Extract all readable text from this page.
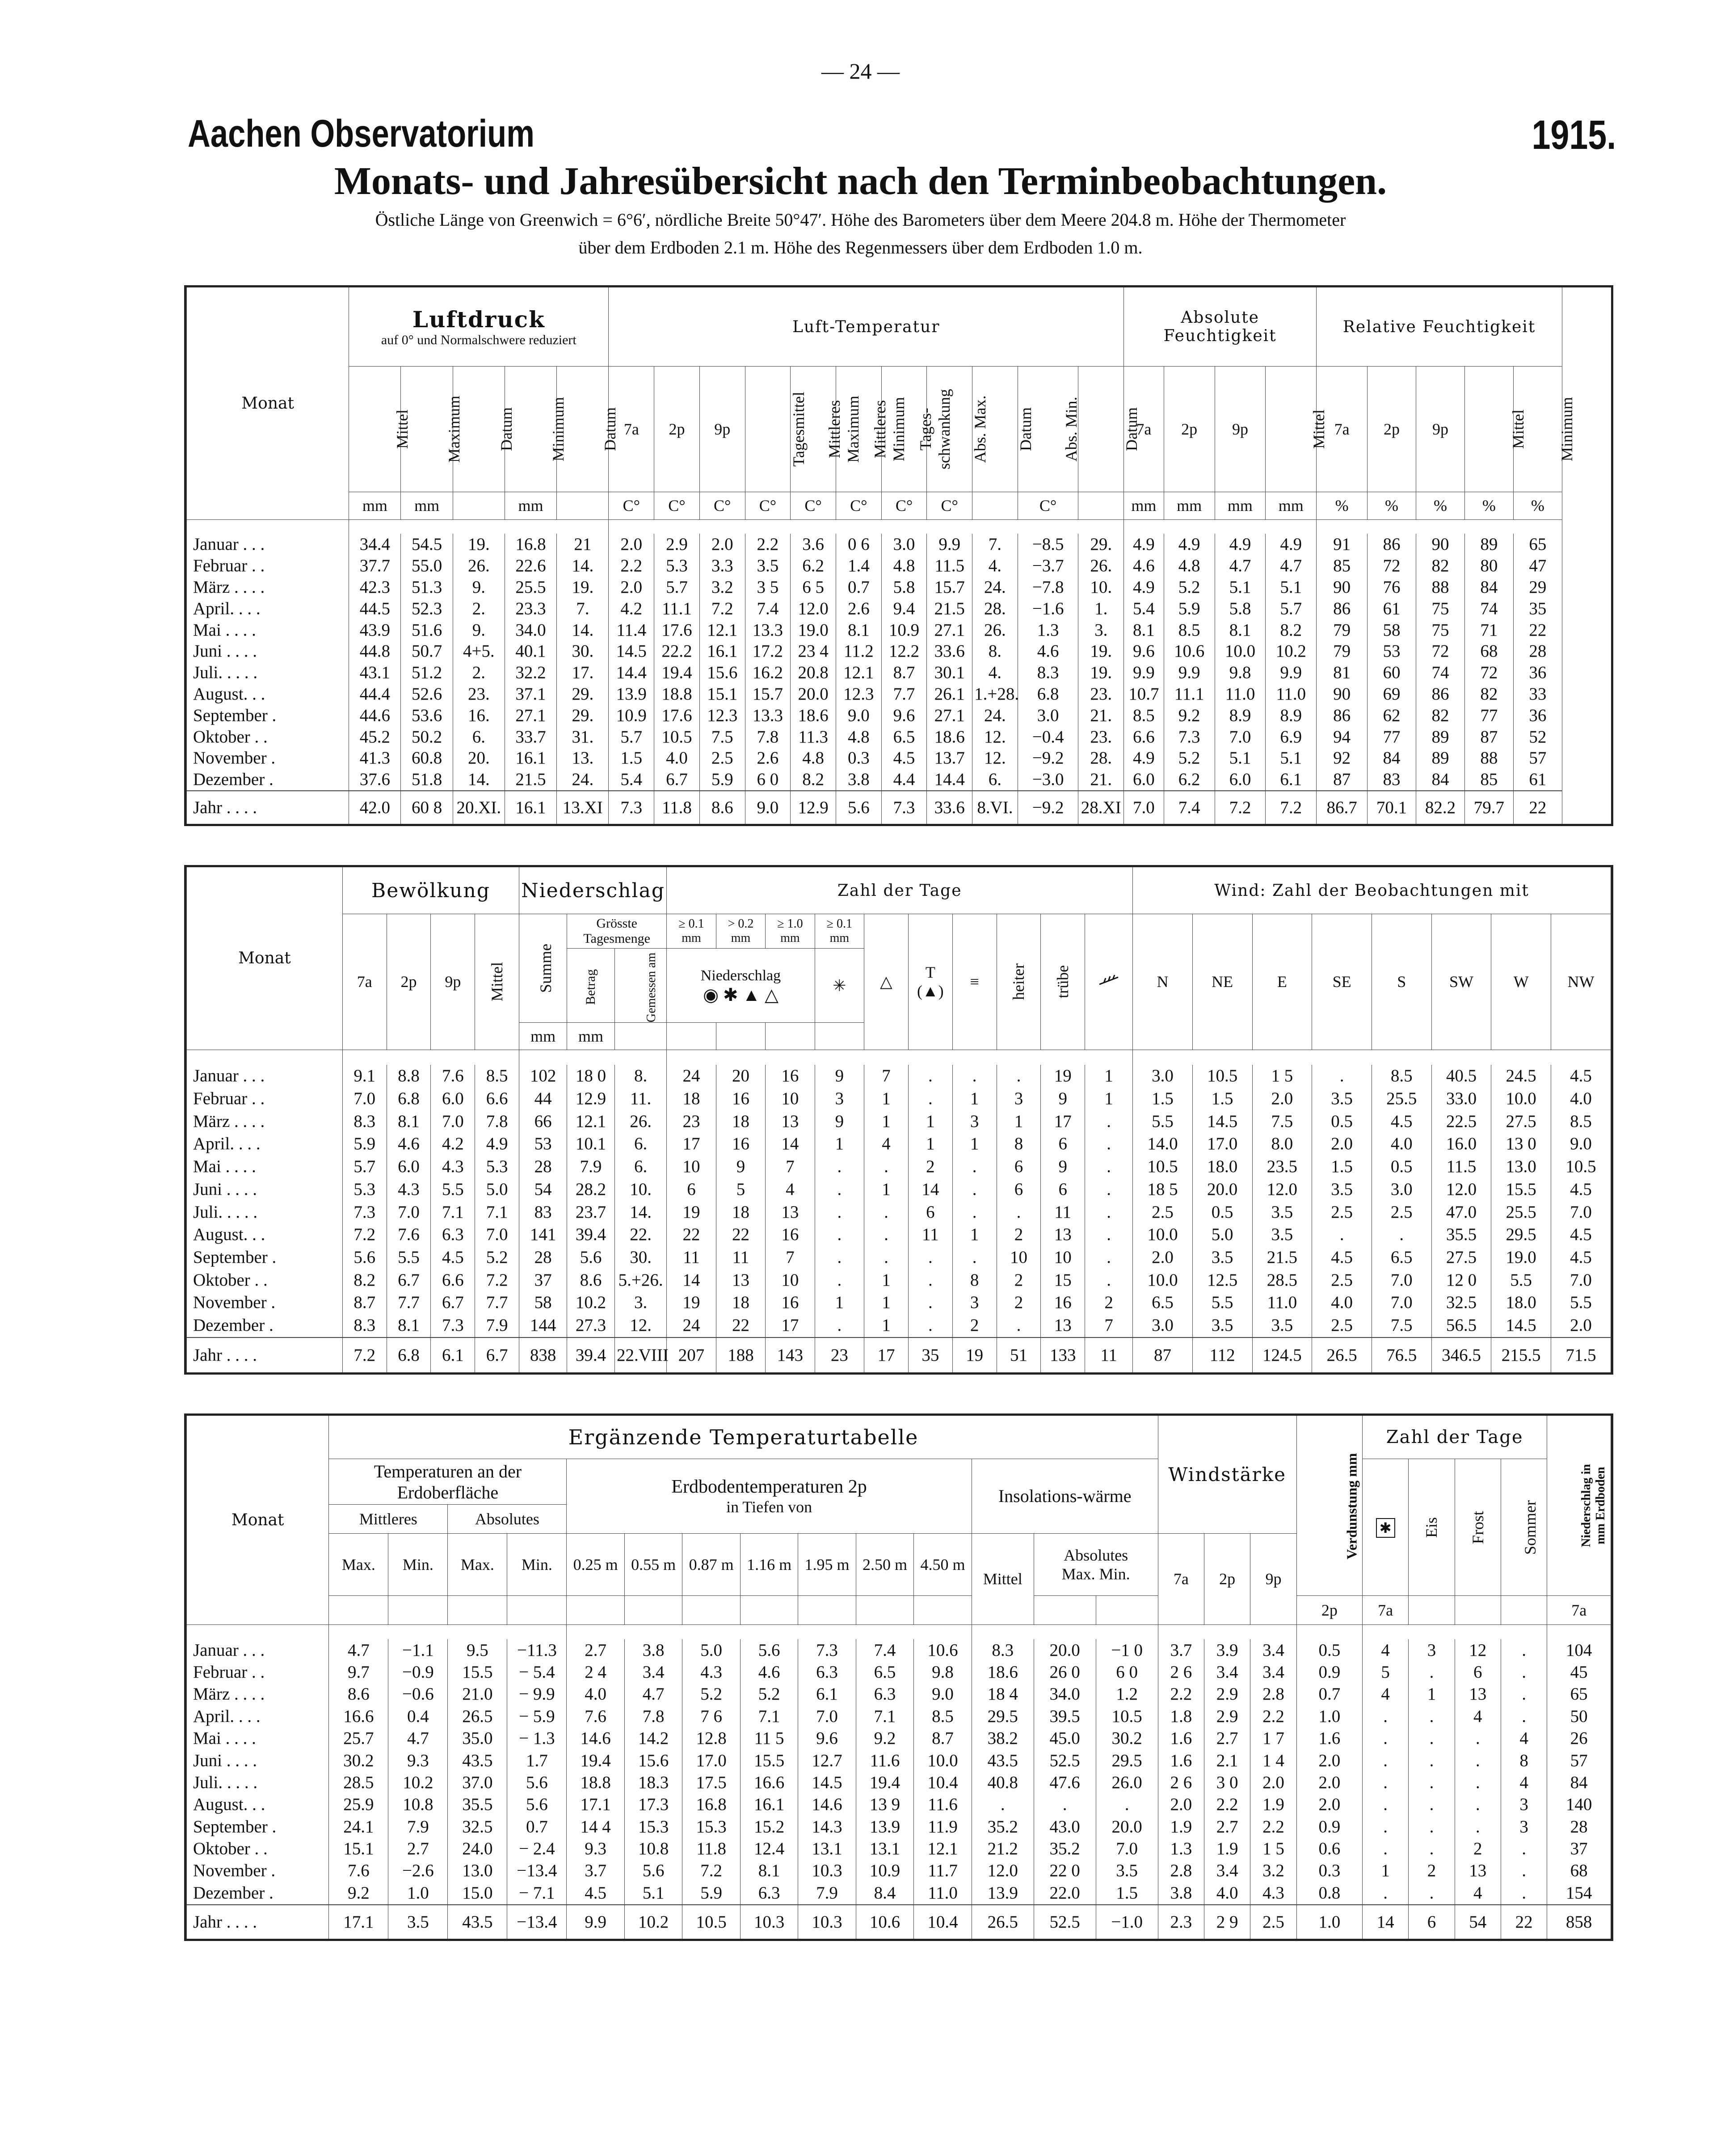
— 24 —
Aachen Observatorium	1915.
Monats- und Jahresübersicht nach den Terminbeobachtungen.
Östliche Länge von Greenwich = 6°6′, nördliche Breite 50°47′. Höhe des Barometers über dem Meere 204.8 m. Höhe der Thermometer
über dem Erdboden 2.1 m. Höhe des Regenmessers über dem Erdboden 1.0 m.
Monat	Luftdruck
auf 0° und Normalschwere reduziert					Luft-Temperatur											Absolute Feuchtigkeit				Relative Feuchtigkeit				
	Mittel	Maximum	Datum	Minimum	Datum	7a	2p	9p	Tagesmittel	Mittleres Maximum	Mittleres Minimum	Tages-schwankung	Abs. Max.	Datum	Abs. Min.	Datum	7a	2p	9p	Mittel	7a	2p	9p	Mittel	Minimum
	mm	mm		mm		C°	C°	C°	C°	C°	C°	C°	C°		C°		mm	mm	mm	mm	%	%	%	%	%

Januar . . .	34.4	54.5	19.	16.8	21	2.0	2.9	2.0	2.2	3.6	0 6	3.0	9.9	7.	−8.5	29.	4.9	4.9	4.9	4.9	91	86	90	89	65
Februar . .	37.7	55.0	26.	22.6	14.	2.2	5.3	3.3	3.5	6.2	1.4	4.8	11.5	4.	−3.7	26.	4.6	4.8	4.7	4.7	85	72	82	80	47
März . . . .	42.3	51.3	9.	25.5	19.	2.0	5.7	3.2	3 5	6 5	0.7	5.8	15.7	24.	−7.8	10.	4.9	5.2	5.1	5.1	90	76	88	84	29
April. . . .	44.5	52.3	2.	23.3	7.	4.2	11.1	7.2	7.4	12.0	2.6	9.4	21.5	28.	−1.6	1.	5.4	5.9	5.8	5.7	86	61	75	74	35
Mai . . . .	43.9	51.6	9.	34.0	14.	11.4	17.6	12.1	13.3	19.0	8.1	10.9	27.1	26.	1.3	3.	8.1	8.5	8.1	8.2	79	58	75	71	22
Juni . . . .	44.8	50.7	4+5.	40.1	30.	14.5	22.2	16.1	17.2	23 4	11.2	12.2	33.6	8.	4.6	19.	9.6	10.6	10.0	10.2	79	53	72	68	28
Juli. . . . .	43.1	51.2	2.	32.2	17.	14.4	19.4	15.6	16.2	20.8	12.1	8.7	30.1	4.	8.3	19.	9.9	9.9	9.8	9.9	81	60	74	72	36
August. . .	44.4	52.6	23.	37.1	29.	13.9	18.8	15.1	15.7	20.0	12.3	7.7	26.1	1.+28.	6.8	23.	10.7	11.1	11.0	11.0	90	69	86	82	33
September .	44.6	53.6	16.	27.1	29.	10.9	17.6	12.3	13.3	18.6	9.0	9.6	27.1	24.	3.0	21.	8.5	9.2	8.9	8.9	86	62	82	77	36
Oktober . .	45.2	50.2	6.	33.7	31.	5.7	10.5	7.5	7.8	11.3	4.8	6.5	18.6	12.	−0.4	23.	6.6	7.3	7.0	6.9	94	77	89	87	52
November .	41.3	60.8	20.	16.1	13.	1.5	4.0	2.5	2.6	4.8	0.3	4.5	13.7	12.	−9.2	28.	4.9	5.2	5.1	5.1	92	84	89	88	57
Dezember .	37.6	51.8	14.	21.5	24.	5.4	6.7	5.9	6 0	8.2	3.8	4.4	14.4	6.	−3.0	21.	6.0	6.2	6.0	6.1	87	83	84	85	61
Jahr . . . .	42.0	60 8	20.XI.	16.1	13.XI	7.3	11.8	8.6	9.0	12.9	5.6	7.3	33.6	8.VI.	−9.2	28.XI	7.0	7.4	7.2	7.2	86.7	70.1	82.2	79.7	22
Monat	Bewölkung				Niederschlag			Zahl der Tage										Wind: Zahl der Beobachtungen mit							
	7a	2p	9p	Mittel	Summe	Grösste Tagesmenge		≥ 0.1 mm	> 0.2 mm	≥ 1.0 mm	≥ 0.1 mm	△	T (▲)	≡	heiter	trübe		N	NE	E	SE	S	SW	W	NW
						Betrag	Gemessen am	Niederschlag
◉ ✱ ▲ △			✳														
					mm	mm																			

Januar . . .	9.1	8.8	7.6	8.5	102	18 0	8.	24	20	16	9	7	.	.	.	19	1	3.0	10.5	1 5	.	8.5	40.5	24.5	4.5
Februar . .	7.0	6.8	6.0	6.6	44	12.9	11.	18	16	10	3	1	.	1	3	9	1	1.5	1.5	2.0	3.5	25.5	33.0	10.0	4.0
März . . . .	8.3	8.1	7.0	7.8	66	12.1	26.	23	18	13	9	1	1	3	1	17	.	5.5	14.5	7.5	0.5	4.5	22.5	27.5	8.5
April. . . .	5.9	4.6	4.2	4.9	53	10.1	6.	17	16	14	1	4	1	1	8	6	.	14.0	17.0	8.0	2.0	4.0	16.0	13 0	9.0
Mai . . . .	5.7	6.0	4.3	5.3	28	7.9	6.	10	9	7	.	.	2	.	6	9	.	10.5	18.0	23.5	1.5	0.5	11.5	13.0	10.5
Juni . . . .	5.3	4.3	5.5	5.0	54	28.2	10.	6	5	4	.	1	14	.	6	6	.	18 5	20.0	12.0	3.5	3.0	12.0	15.5	4.5
Juli. . . . .	7.3	7.0	7.1	7.1	83	23.7	14.	19	18	13	.	.	6	.	.	11	.	2.5	0.5	3.5	2.5	2.5	47.0	25.5	7.0
August. . .	7.2	7.6	6.3	7.0	141	39.4	22.	22	22	16	.	.	11	1	2	13	.	10.0	5.0	3.5	.	.	35.5	29.5	4.5
September .	5.6	5.5	4.5	5.2	28	5.6	30.	11	11	7	.	.	.	.	10	10	.	2.0	3.5	21.5	4.5	6.5	27.5	19.0	4.5
Oktober . .	8.2	6.7	6.6	7.2	37	8.6	5.+26.	14	13	10	.	1	.	8	2	15	.	10.0	12.5	28.5	2.5	7.0	12 0	5.5	7.0
November .	8.7	7.7	6.7	7.7	58	10.2	3.	19	18	16	1	1	.	3	2	16	2	6.5	5.5	11.0	4.0	7.0	32.5	18.0	5.5
Dezember .	8.3	8.1	7.3	7.9	144	27.3	12.	24	22	17	.	1	.	2	.	13	7	3.0	3.5	3.5	2.5	7.5	56.5	14.5	2.0
Jahr . . . .	7.2	6.8	6.1	6.7	838	39.4	22.VIII	207	188	143	23	17	35	19	51	133	11	87	112	124.5	26.5	76.5	346.5	215.5	71.5
Monat	Ergänzende Temperaturtabelle														Windstärke			Verdunstung mm	Zahl der Tage				Niederschlag in mm Erdboden
	Temperaturen an der Erdoberfläche				Erdbodentemperaturen 2p
in Tiefen von							Insolations-wärme							✱	Eis	Frost	Sommer	
	Mittleres		Absolutes																				
	Max.	Min.	Max.	Min.	0.25 m	0.55 m	0.87 m	1.16 m	1.95 m	2.50 m	4.50 m	Mittel	Absolutes
Max. Min.		7a	2p	9p						
																		2p	7a				7a

Januar . . .	4.7	−1.1	9.5	−11.3	2.7	3.8	5.0	5.6	7.3	7.4	10.6	8.3	20.0	−1 0	3.7	3.9	3.4	0.5	4	3	12	.	104
Februar . .	9.7	−0.9	15.5	− 5.4	2 4	3.4	4.3	4.6	6.3	6.5	9.8	18.6	26 0	6 0	2 6	3.4	3.4	0.9	5	.	6	.	45
März . . . .	8.6	−0.6	21.0	− 9.9	4.0	4.7	5.2	5.2	6.1	6.3	9.0	18 4	34.0	1.2	2.2	2.9	2.8	0.7	4	1	13	.	65
April. . . .	16.6	0.4	26.5	− 5.9	7.6	7.8	7 6	7.1	7.0	7.1	8.5	29.5	39.5	10.5	1.8	2.9	2.2	1.0	.	.	4	.	50
Mai . . . .	25.7	4.7	35.0	− 1.3	14.6	14.2	12.8	11 5	9.6	9.2	8.7	38.2	45.0	30.2	1.6	2.7	1 7	1.6	.	.	.	4	26
Juni . . . .	30.2	9.3	43.5	1.7	19.4	15.6	17.0	15.5	12.7	11.6	10.0	43.5	52.5	29.5	1.6	2.1	1 4	2.0	.	.	.	8	57
Juli. . . . .	28.5	10.2	37.0	5.6	18.8	18.3	17.5	16.6	14.5	19.4	10.4	40.8	47.6	26.0	2 6	3 0	2.0	2.0	.	.	.	4	84
August. . .	25.9	10.8	35.5	5.6	17.1	17.3	16.8	16.1	14.6	13 9	11.6	.	.	.	2.0	2.2	1.9	2.0	.	.	.	3	140
September .	24.1	7.9	32.5	0.7	14 4	15.3	15.3	15.2	14.3	13.9	11.9	35.2	43.0	20.0	1.9	2.7	2.2	0.9	.	.	.	3	28
Oktober . .	15.1	2.7	24.0	− 2.4	9.3	10.8	11.8	12.4	13.1	13.1	12.1	21.2	35.2	7.0	1.3	1.9	1 5	0.6	.	.	2	.	37
November .	7.6	−2.6	13.0	−13.4	3.7	5.6	7.2	8.1	10.3	10.9	11.7	12.0	22 0	3.5	2.8	3.4	3.2	0.3	1	2	13	.	68
Dezember .	9.2	1.0	15.0	− 7.1	4.5	5.1	5.9	6.3	7.9	8.4	11.0	13.9	22.0	1.5	3.8	4.0	4.3	0.8	.	.	4	.	154
Jahr . . . .	17.1	3.5	43.5	−13.4	9.9	10.2	10.5	10.3	10.3	10.6	10.4	26.5	52.5	−1.0	2.3	2 9	2.5	1.0	14	6	54	22	858
